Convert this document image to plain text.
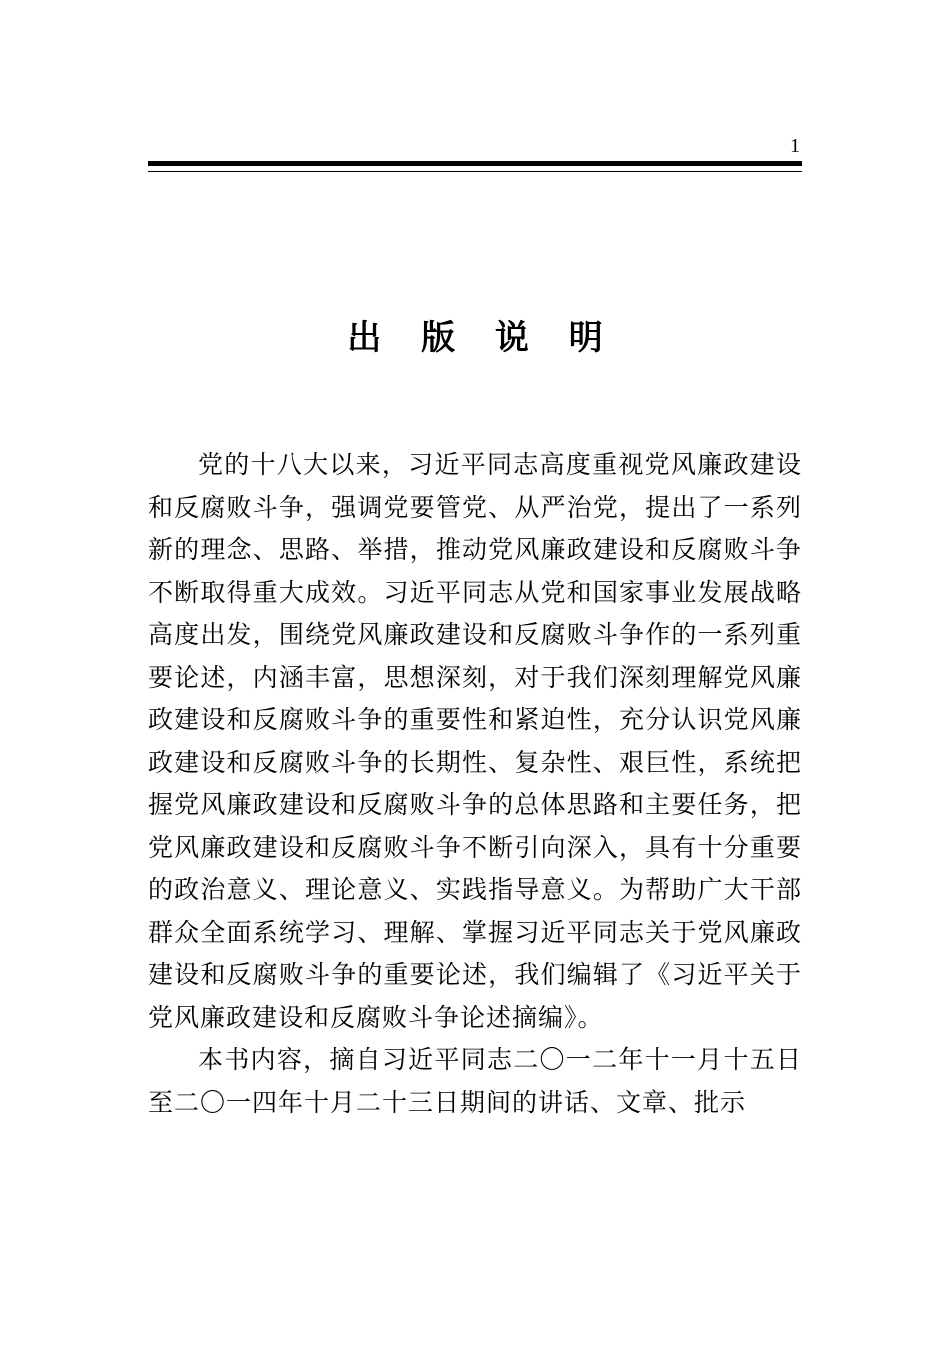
1
出 版 说 明

党的十八大以来，习近平同志高度重视党风廉政建设和反腐败斗争，强调党要管党、从严治党，提出了一系列新的理念、思路、举措，推动党风廉政建设和反腐败斗争不断取得重大成效。习近平同志从党和国家事业发展战略高度出发，围绕党风廉政建设和反腐败斗争作的一系列重要论述，内涵丰富，思想深刻，对于我们深刻理解党风廉政建设和反腐败斗争的重要性和紧迫性，充分认识党风廉政建设和反腐败斗争的长期性、复杂性、艰巨性，系统把握党风廉政建设和反腐败斗争的总体思路和主要任务，把党风廉政建设和反腐败斗争不断引向深入，具有十分重要的政治意义、理论意义、实践指导意义。为帮助广大干部群众全面系统学习、理解、掌握习近平同志关于党风廉政建设和反腐败斗争的重要论述，我们编辑了《习近平关于党风廉政建设和反腐败斗争论述摘编》。

本书内容，摘自习近平同志二〇一二年十一月十五日至二〇一四年十月二十三日期间的讲话、文章、批示
